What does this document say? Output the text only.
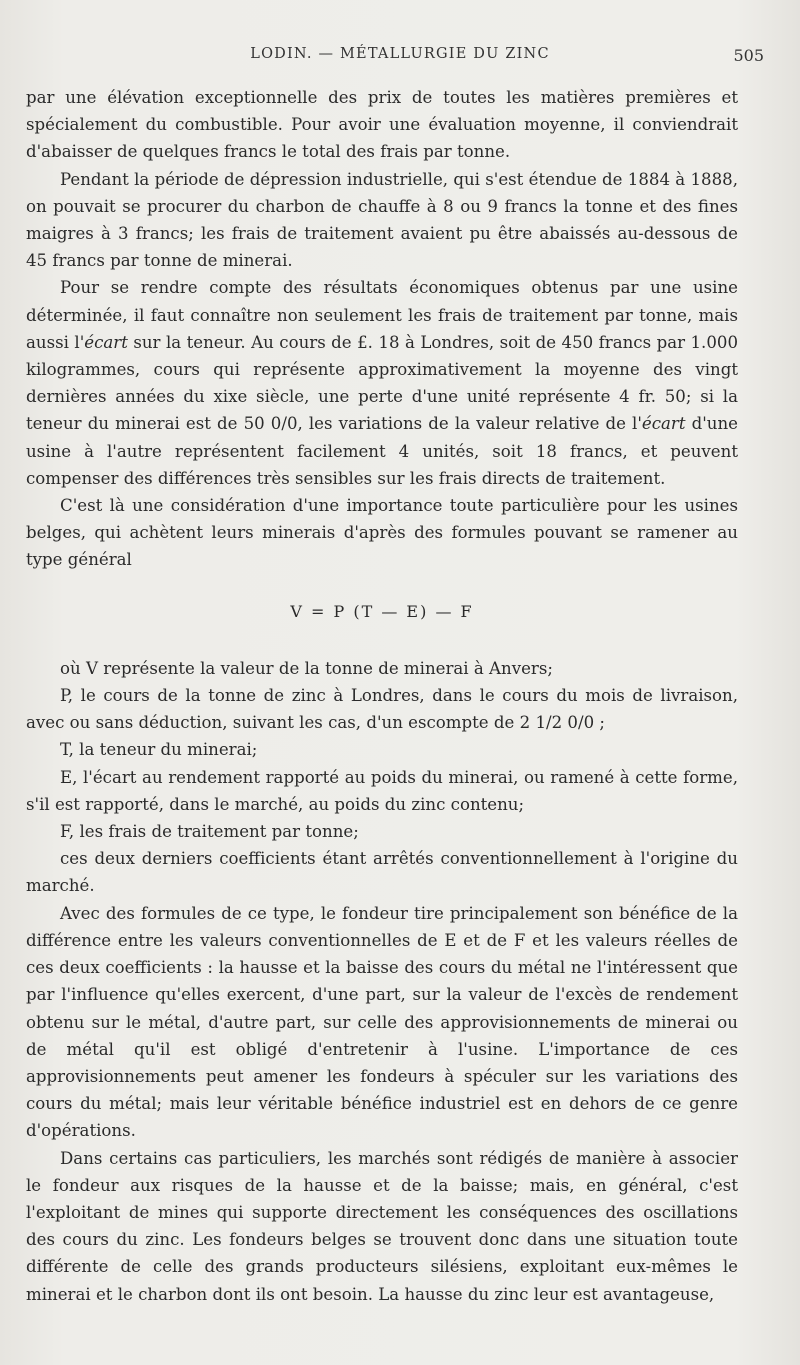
LODIN. — MÉTALLURGIE DU ZINC	505

par une élévation exceptionnelle des prix de toutes les matières premières et spécialement du combustible. Pour avoir une évaluation moyenne, il conviendrait d'abaisser de quelques francs le total des frais par tonne.

Pendant la période de dépression industrielle, qui s'est étendue de 1884 à 1888, on pouvait se procurer du charbon de chauffe à 8 ou 9 francs la tonne et des fines maigres à 3 francs; les frais de traitement avaient pu être abaissés au-dessous de 45 francs par tonne de minerai.

Pour se rendre compte des résultats économiques obtenus par une usine déterminée, il faut connaître non seulement les frais de traitement par tonne, mais aussi l'écart sur la teneur. Au cours de £. 18 à Londres, soit de 450 francs par 1.000 kilogrammes, cours qui représente approximativement la moyenne des vingt dernières années du xixe siècle, une perte d'une unité représente 4 fr. 50; si la teneur du minerai est de 50 0/0, les variations de la valeur relative de l'écart d'une usine à l'autre représentent facilement 4 unités, soit 18 francs, et peuvent compenser des différences très sensibles sur les frais directs de traitement.

C'est là une considération d'une importance toute particulière pour les usines belges, qui achètent leurs minerais d'après des formules pouvant se ramener au type général

V = P (T — E) — F

où V représente la valeur de la tonne de minerai à Anvers;

P, le cours de la tonne de zinc à Londres, dans le cours du mois de livraison, avec ou sans déduction, suivant les cas, d'un escompte de 2 1/2 0/0 ;

T, la teneur du minerai;

E, l'écart au rendement rapporté au poids du minerai, ou ramené à cette forme, s'il est rapporté, dans le marché, au poids du zinc contenu;

F, les frais de traitement par tonne;

ces deux derniers coefficients étant arrêtés conventionnellement à l'origine du marché.

Avec des formules de ce type, le fondeur tire principalement son bénéfice de la différence entre les valeurs conventionnelles de E et de F et les valeurs réelles de ces deux coefficients : la hausse et la baisse des cours du métal ne l'intéressent que par l'influence qu'elles exercent, d'une part, sur la valeur de l'excès de rendement obtenu sur le métal, d'autre part, sur celle des approvisionnements de minerai ou de métal qu'il est obligé d'entretenir à l'usine. L'importance de ces approvisionnements peut amener les fondeurs à spéculer sur les variations des cours du métal; mais leur véritable bénéfice industriel est en dehors de ce genre d'opérations.

Dans certains cas particuliers, les marchés sont rédigés de manière à associer le fondeur aux risques de la hausse et de la baisse; mais, en général, c'est l'exploitant de mines qui supporte directement les conséquences des oscillations des cours du zinc. Les fondeurs belges se trouvent donc dans une situation toute différente de celle des grands producteurs silésiens, exploitant eux-mêmes le minerai et le charbon dont ils ont besoin. La hausse du zinc leur est avantageuse,
